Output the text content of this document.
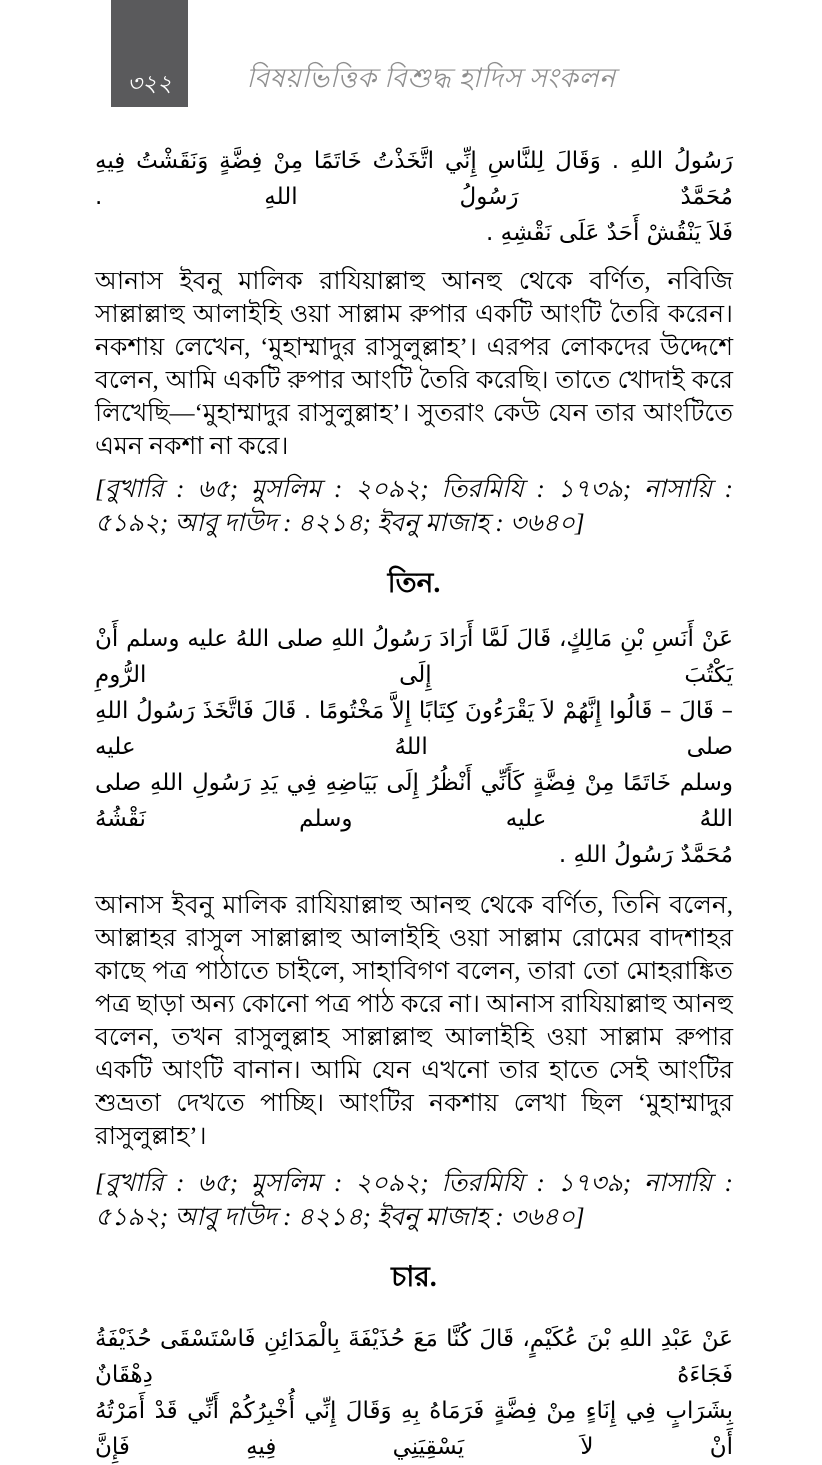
৩২২	বিষয়ভিত্তিক বিশুদ্ধ হাদিস সংকলন
رَسُولُ اللهِ . وَقَالَ لِلنَّاسِ إِنِّي اتَّخَذْتُ خَاتَمًا مِنْ فِضَّةٍ وَنَقَشْتُ فِيهِ مُحَمَّدٌ رَسُولُ اللهِ .
فَلاَ يَنْقُشْ أَحَدٌ عَلَى نَقْشِهِ .

আনাস ইবনু মালিক রাযিয়াল্লাহু আনহু থেকে বর্ণিত, নবিজি সাল্লাল্লাহু আলাইহি ওয়া সাল্লাম রুপার একটি আংটি তৈরি করেন। নকশায় লেখেন, ‘মুহাম্মাদুর রাসুলুল্লাহ’। এরপর লোকদের উদ্দেশে বলেন, আমি একটি রুপার আংটি তৈরি করেছি। তাতে খোদাই করে লিখেছি—‘মুহাম্মাদুর রাসুলুল্লাহ’। সুতরাং কেউ যেন তার আংটিতে এমন নকশা না করে।

[বুখারি : ৬৫; মুসলিম : ২০৯২; তিরমিযি : ১৭৩৯; নাসায়ি : ৫১৯২; আবু দাউদ : ৪২১৪; ইবনু মাজাহ : ৩৬৪০]

তিন.
عَنْ أَنَسِ بْنِ مَالِكٍ، قَالَ لَمَّا أَرَادَ رَسُولُ اللهِ صلى اللهُ عليه وسلم أَنْ يَكْتُبَ إِلَى الرُّومِ
– قَالَ – قَالُوا إِنَّهُمْ لاَ يَقْرَءُونَ كِتَابًا إِلاَّ مَخْتُومًا . قَالَ فَاتَّخَذَ رَسُولُ اللهِ صلى اللهُ عليه
وسلم خَاتَمًا مِنْ فِضَّةٍ كَأَنِّي أَنْظُرُ إِلَى بَيَاضِهِ فِي يَدِ رَسُولِ اللهِ صلى اللهُ عليه وسلم نَقْشُهُ
مُحَمَّدٌ رَسُولُ اللهِ .

আনাস ইবনু মালিক রাযিয়াল্লাহু আনহু থেকে বর্ণিত, তিনি বলেন, আল্লাহর রাসুল সাল্লাল্লাহু আলাইহি ওয়া সাল্লাম রোমের বাদশাহর কাছে পত্র পাঠাতে চাইলে, সাহাবিগণ বলেন, তারা তো মোহরাঙ্কিত পত্র ছাড়া অন্য কোনো পত্র পাঠ করে না। আনাস রাযিয়াল্লাহু আনহু বলেন, তখন রাসুলুল্লাহ সাল্লাল্লাহু আলাইহি ওয়া সাল্লাম রুপার একটি আংটি বানান। আমি যেন এখনো তার হাতে সেই আংটির শুভ্রতা দেখতে পাচ্ছি। আংটির নকশায় লেখা ছিল ‘মুহাম্মাদুর রাসুলুল্লাহ’।

[বুখারি : ৬৫; মুসলিম : ২০৯২; তিরমিযি : ১৭৩৯; নাসায়ি : ৫১৯২; আবু দাউদ : ৪২১৪; ইবনু মাজাহ : ৩৬৪০]

চার.
عَنْ عَبْدِ اللهِ بْنَ عُكَيْمٍ، قَالَ كُنَّا مَعَ حُذَيْفَةَ بِالْمَدَائِنِ فَاسْتَسْقَى حُذَيْفَةُ فَجَاءَهُ دِهْقَانٌ
بِشَرَابٍ فِي إِنَاءٍ مِنْ فِضَّةٍ فَرَمَاهُ بِهِ وَقَالَ إِنِّي أُخْبِرُكُمْ أَنِّي قَدْ أَمَرْتُهُ أَنْ لاَ يَسْقِيَنِي فِيهِ فَإِنَّ
